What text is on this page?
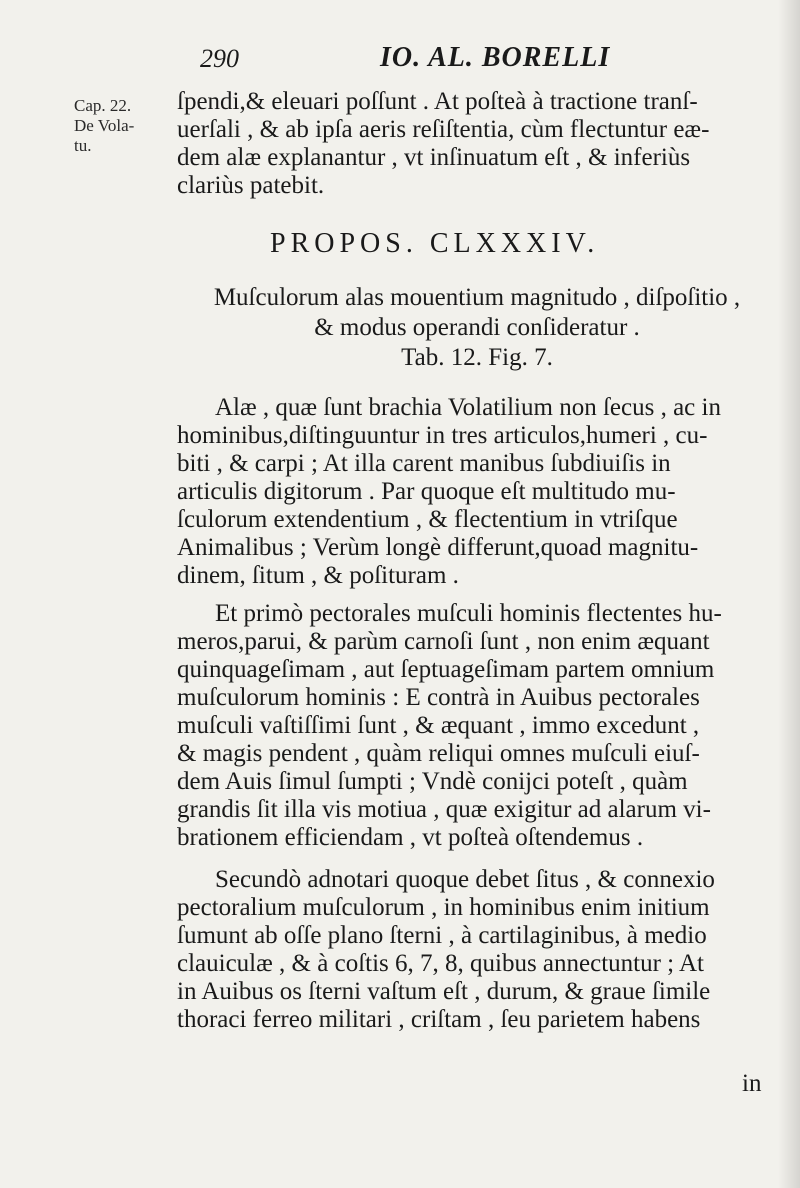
290	IO. AL. BORELLI
Cap. 22.
De Vola-
tu.
ſpendi,& eleuari poſſunt . At poſteà à tractione tranſ-
uerſali , & ab ipſa aeris reſiſtentia, cùm flectuntur eæ-
dem alæ explanantur , vt inſinuatum eſt , & inferiùs
clariùs patebit.
PROPOS. CLXXXIV.
Muſculorum alas mouentium magnitudo , diſpoſitio ,
& modus operandi conſideratur .
Tab. 12. Fig. 7.
Alæ , quæ ſunt brachia Volatilium non ſecus , ac in
hominibus,diſtinguuntur in tres articulos,humeri , cu-
biti , & carpi ; At illa carent manibus ſubdiuiſis in
articulis digitorum . Par quoque eſt multitudo mu-
ſculorum extendentium , & flectentium in vtriſque
Animalibus ; Verùm longè differunt,quoad magnitu-
dinem, ſitum , & poſituram .
Et primò pectorales muſculi hominis flectentes hu-
meros,parui, & parùm carnoſi ſunt , non enim æquant
quinquageſimam , aut ſeptuageſimam partem omnium
muſculorum hominis : E contrà in Auibus pectorales
muſculi vaſtiſſimi ſunt , & æquant , immo excedunt ,
& magis pendent , quàm reliqui omnes muſculi eiuſ-
dem Auis ſimul ſumpti ; Vndè conijci poteſt , quàm
grandis ſit illa vis motiua , quæ exigitur ad alarum vi-
brationem efficiendam , vt poſteà oſtendemus .
Secundò adnotari quoque debet ſitus , & connexio
pectoralium muſculorum , in hominibus enim initium
ſumunt ab oſſe plano ſterni , à cartilaginibus, à medio
clauiculæ , & à coſtis 6, 7, 8, quibus annectuntur ; At
in Auibus os ſterni vaſtum eſt , durum, & graue ſimile
thoraci ferreo militari , criſtam , ſeu parietem habens
in
